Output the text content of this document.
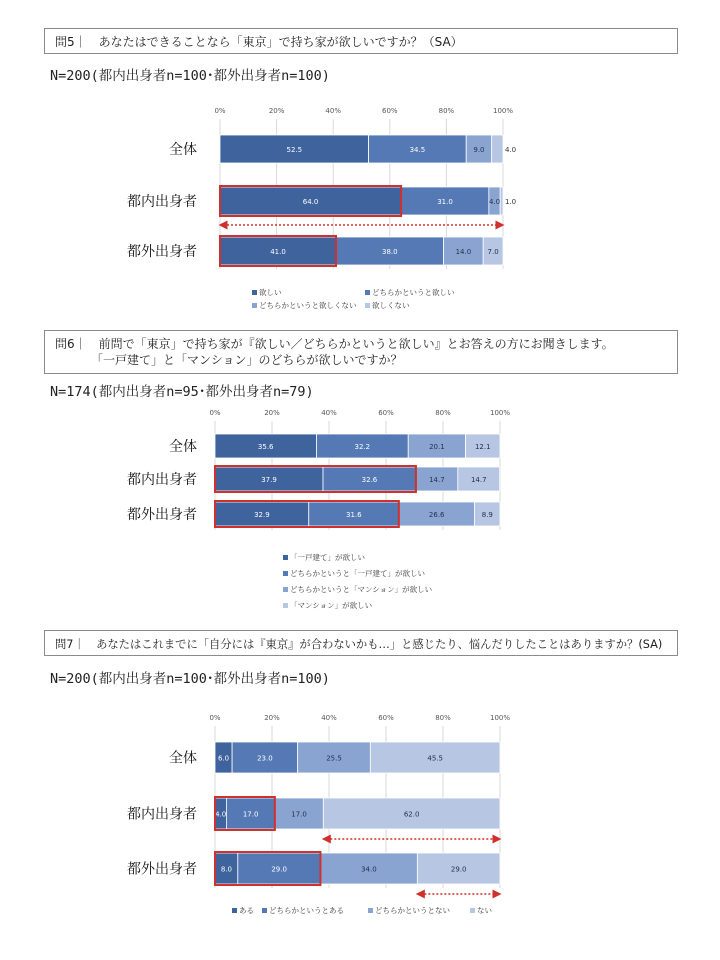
問5｜　あなたはできることなら「東京」で持ち家が欲しいですか？（SA）
N=200(都内出身者n=100･都外出身者n=100)
0%	20%	40%	60%	80%	100%
全体	52.5	34.5	9.0	4.0
都内出身者	64.0	31.0	4.0 1.0
都外出身者	41.0	38.0	14.0 7.0
欲しい	どちらかというと欲しい
どちらかというと欲しくない 欲しくない
問6｜　前問で「東京」で持ち家が『欲しい／どちらかというと欲しい』とお答えの方にお聞きします。
「一戸建て」と「マンション」のどちらが欲しいですか？
N=174(都内出身者n=95･都外出身者n=79)
0%	20%	40%	60%	80%	100%
全体	35.6	32.2	20.1	12.1
都内出身者	37.9	32.6	14.7	14.7
都外出身者	32.9	31.6	26.6	8.9
「一戸建て」が欲しい
どちらかというと「一戸建て」が欲しい
どちらかというと「マンション」が欲しい
「マンション」が欲しい
問7｜　あなたはこれまでに「自分には『東京』が合わないかも…」と感じたり、悩んだりしたことはありますか？(SA)
N=200(都内出身者n=100･都外出身者n=100)
0%	20%	40%	60%	80%	100%
全体	6.0	23.0	25.5	45.5
都内出身者	4.0 17.0	17.0	62.0
都外出身者	8.0	29.0	34.0	29.0
ある どちらかというとある	どちらかというとない	ない
